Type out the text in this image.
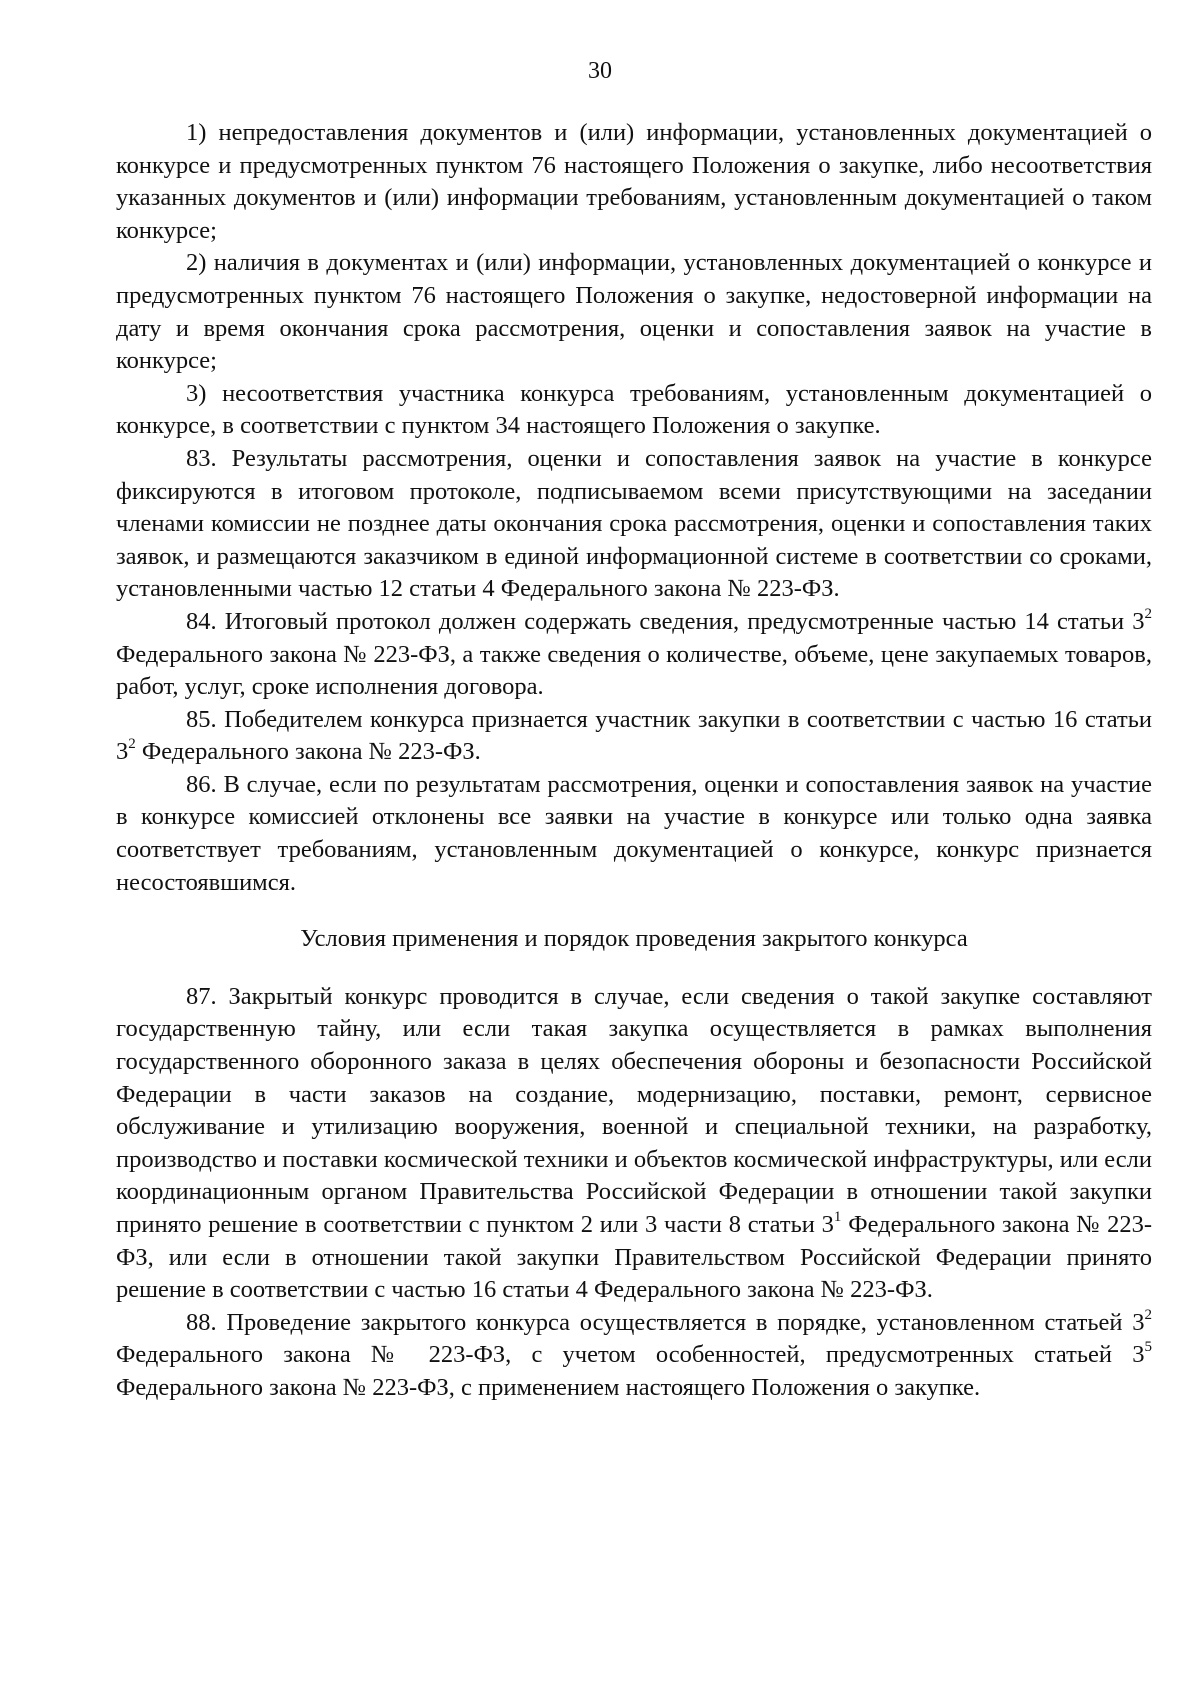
30

1) непредоставления документов и (или) информации, установленных документацией о конкурсе и предусмотренных пунктом 76 настоящего Положения о закупке, либо несоответствия указанных документов и (или) информации требованиям, установленным документацией о таком конкурсе;

2) наличия в документах и (или) информации, установленных документацией о конкурсе и предусмотренных пунктом 76 настоящего Положения о закупке, недостоверной информации на дату и время окончания срока рассмотрения, оценки и сопоставления заявок на участие в конкурсе;

3) несоответствия участника конкурса требованиям, установленным документацией о конкурсе, в соответствии с пунктом 34 настоящего Положения о закупке.

83. Результаты рассмотрения, оценки и сопоставления заявок на участие в конкурсе фиксируются в итоговом протоколе, подписываемом всеми присутствующими на заседании членами комиссии не позднее даты окончания срока рассмотрения, оценки и сопоставления таких заявок, и размещаются заказчиком в единой информационной системе в соответствии со сроками, установленными частью 12 статьи 4 Федерального закона № 223-ФЗ.

84. Итоговый протокол должен содержать сведения, предусмотренные частью 14 статьи $3^2$ Федерального закона № 223-ФЗ, а также сведения о количестве, объеме, цене закупаемых товаров, работ, услуг, сроке исполнения договора.

85. Победителем конкурса признается участник закупки в соответствии с частью 16 статьи $3^2$ Федерального закона № 223-ФЗ.

86. В случае, если по результатам рассмотрения, оценки и сопоставления заявок на участие в конкурсе комиссией отклонены все заявки на участие в конкурсе или только одна заявка соответствует требованиям, установленным документацией о конкурсе, конкурс признается несостоявшимся.

Условия применения и порядок проведения закрытого конкурса

87. Закрытый конкурс проводится в случае, если сведения о такой закупке составляют государственную тайну, или если такая закупка осуществляется в рамках выполнения государственного оборонного заказа в целях обеспечения обороны и безопасности Российской Федерации в части заказов на создание, модернизацию, поставки, ремонт, сервисное обслуживание и утилизацию вооружения, военной и специальной техники, на разработку, производство и поставки космической техники и объектов космической инфраструктуры, или если координационным органом Правительства Российской Федерации в отношении такой закупки принято решение в соответствии с пунктом 2 или 3 части 8 статьи $3^1$ Федерального закона № 223-ФЗ, или если в отношении такой закупки Правительством Российской Федерации принято решение в соответствии с частью 16 статьи 4 Федерального закона № 223-ФЗ.

88. Проведение закрытого конкурса осуществляется в порядке, установленном статьей $3^2$ Федерального закона № 223-ФЗ, с учетом особенностей, предусмотренных статьей $3^5$ Федерального закона № 223-ФЗ, с применением настоящего Положения о закупке.
